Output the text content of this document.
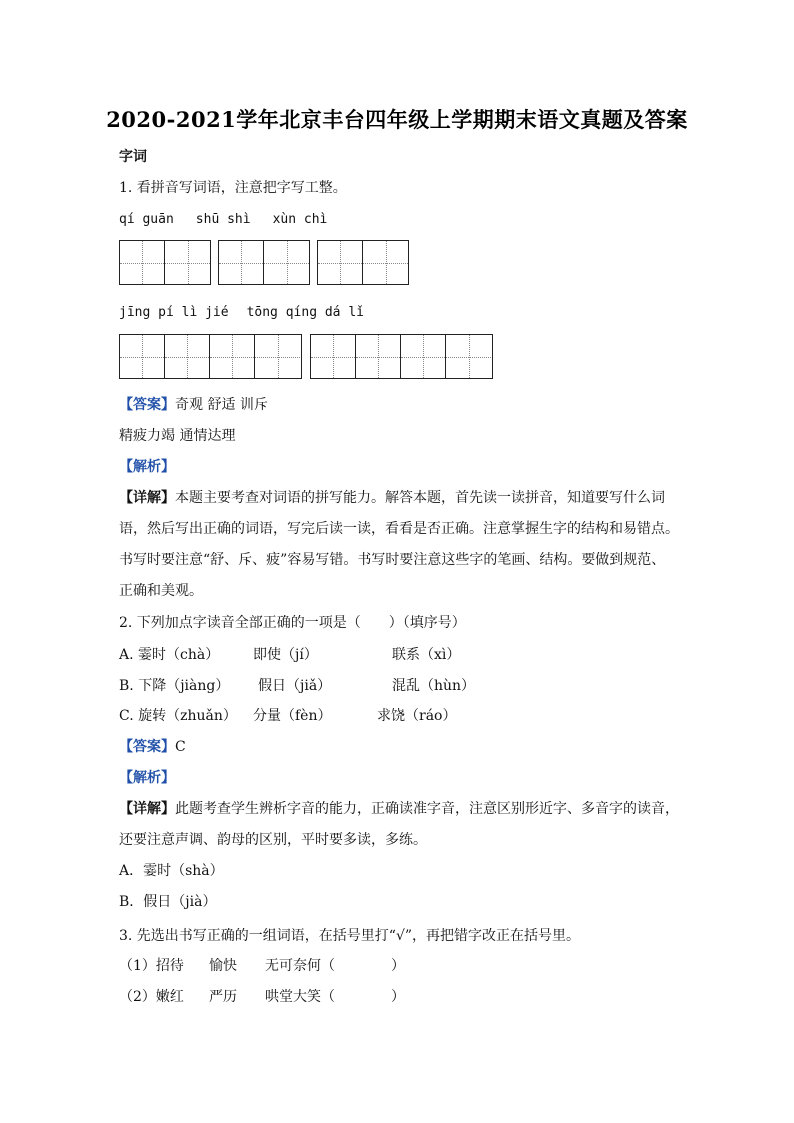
2020-2021学年北京丰台四年级上学期期末语文真题及答案
字词
1. 看拼音写词语，注意把字写工整。
qí guān shū shì xùn chì
jīng pí lì jié tōng qíng dá lǐ
【答案】奇观 舒适 训斥
精疲力竭 通情达理
【解析】
【详解】本题主要考查对词语的拼写能力。解答本题，首先读一读拼音，知道要写什么词
语，然后写出正确的词语，写完后读一读，看看是否正确。注意掌握生字的结构和易错点。
书写时要注意“舒、斥、疲”容易写错。书写时要注意这些字的笔画、结构。要做到规范、
正确和美观。
2. 下列加点字读音全部正确的一项是（　　）（填序号）
A. 霎时（chà） 即使（jí）	联系（xì）
B. 下降（jiàng） 假日（jiǎ）	混乱（hùn）
C. 旋转（zhuǎn） 分量（fèn）	求饶（ráo）
【答案】C
【解析】
【详解】此题考查学生辨析字音的能力，正确读准字音，注意区别形近字、多音字的读音，
还要注意声调、韵母的区别，平时要多读，多练。
A．霎时（shà）
B．假日（jià）
3. 先选出书写正确的一组词语，在括号里打“√”，再把错字改正在括号里。
（1）招待 愉快 无可奈何（　　　　）
（2）嫩红 严历 哄堂大笑（　　　　）
